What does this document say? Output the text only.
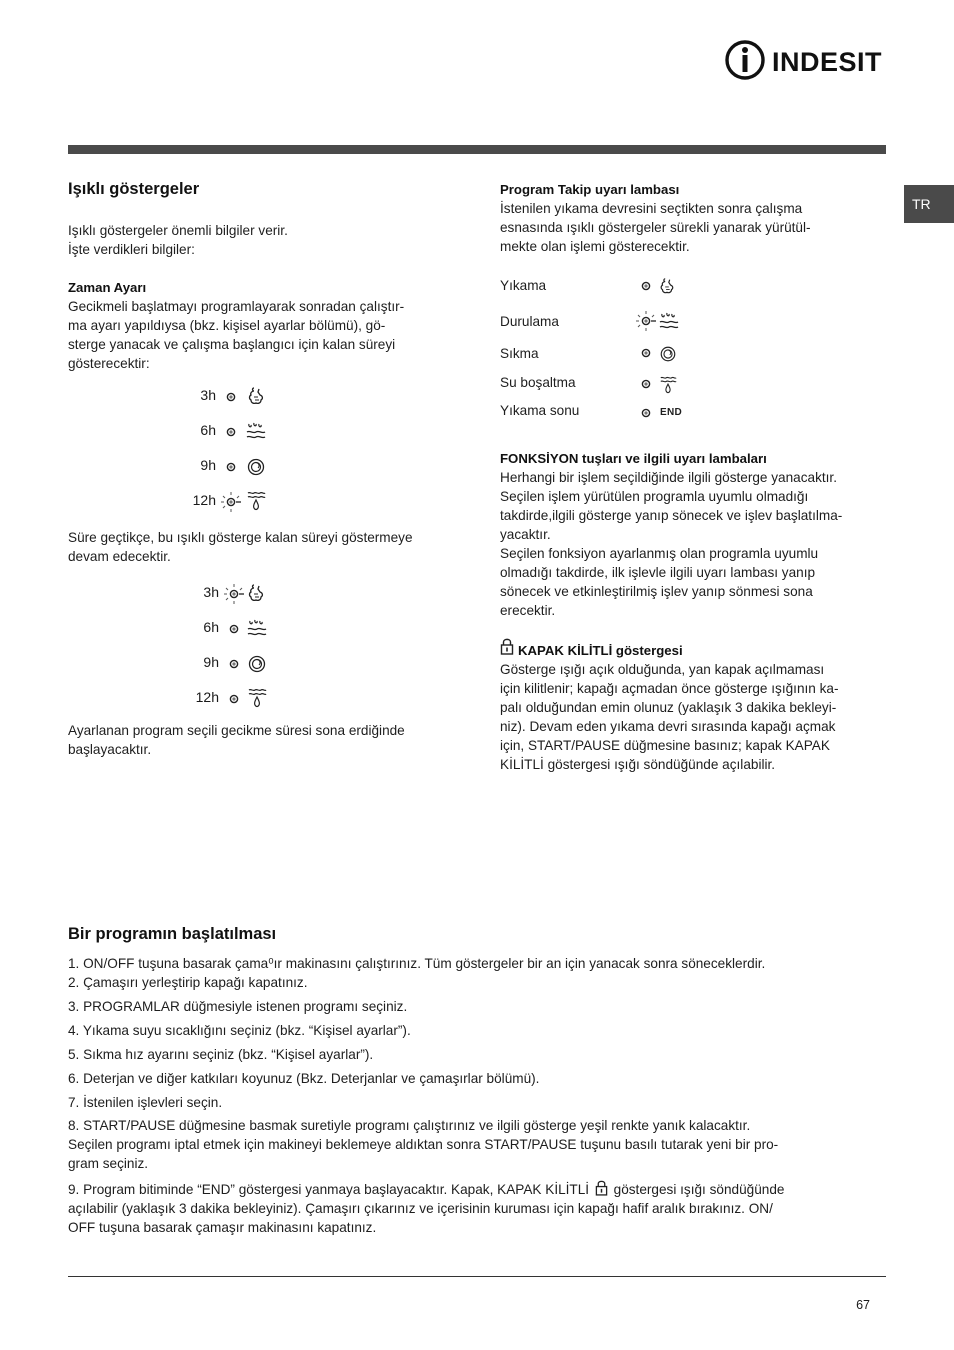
INDESIT
TR
Işıklı göstergeler
Işıklı göstergeler önemli bilgiler verir.
İşte verdikleri bilgiler:
Zaman Ayarı
Gecikmeli başlatmayı programlayarak sonradan çalıştır-
ma ayarı yapıldıysa (bkz. kişisel ayarlar bölümü), gö-
sterge yanacak ve çalışma başlangıcı için kalan süreyi
gösterecektir:
3h
6h
9h
12h
Süre geçtikçe, bu ışıklı gösterge kalan süreyi göstermeye
devam edecektir.
3h
6h
9h
12h
Ayarlanan program seçili gecikme süresi sona erdiğinde
başlayacaktır.
Program Takip uyarı lambası
İstenilen yıkama devresini seçtikten sonra çalışma
esnasında ışıklı göstergeler sürekli yanarak yürütül-
mekte olan işlemi gösterecektir.
Yıkama
Durulama
Sıkma
Su boşaltma
Yıkama sonu	END
FONKSİYON tuşları ve ilgili uyarı lambaları
Herhangi bir işlem seçildiğinde ilgili gösterge yanacaktır.
Seçilen işlem yürütülen programla uyumlu olmadığı
takdirde,ilgili gösterge yanıp sönecek ve işlev başlatılma-
yacaktır.
Seçilen fonksiyon ayarlanmış olan programla uyumlu
olmadığı takdirde, ilk işlevle ilgili uyarı lambası yanıp
sönecek ve etkinleştirilmiş işlev yanıp sönmesi sona
erecektir.
KAPAK KİLİTLİ göstergesi
Gösterge ışığı açık olduğunda, yan kapak açılmaması
için kilitlenir; kapağı açmadan önce gösterge ışığının ka-
palı olduğundan emin olunuz (yaklaşık 3 dakika bekleyi-
niz). Devam eden yıkama devri sırasında kapağı açmak
için, START/PAUSE düğmesine basınız; kapak KAPAK
KİLİTLİ göstergesi ışığı söndüğünde açılabilir.
Bir programın başlatılması
1. ON/OFF tuşuna basarak çama⁰ır makinasını çalıştırınız. Tüm göstergeler bir an için yanacak sonra söneceklerdir.
2. Çamaşırı yerleştirip kapağı kapatınız.
3. PROGRAMLAR düğmesiyle istenen programı seçiniz.
4. Yıkama suyu sıcaklığını seçiniz (bkz. “Kişisel ayarlar”).
5. Sıkma hız ayarını seçiniz (bkz. “Kişisel ayarlar”).
6. Deterjan ve diğer katkıları koyunuz (Bkz. Deterjanlar ve çamaşırlar bölümü).
7. İstenilen işlevleri seçin.
8. START/PAUSE düğmesine basmak suretiyle programı çalıştırınız ve ilgili gösterge yeşil renkte yanık kalacaktır.
Seçilen programı iptal etmek için makineyi beklemeye aldıktan sonra START/PAUSE tuşunu basılı tutarak yeni bir pro-
gram seçiniz.
9. Program bitiminde “END” göstergesi yanmaya başlayacaktır. Kapak, KAPAK KİLİTLİ göstergesi ışığı söndüğünde
açılabilir (yaklaşık 3 dakika bekleyiniz). Çamaşırı çıkarınız ve içerisinin kuruması için kapağı hafif aralık bırakınız. ON/
OFF tuşuna basarak çamaşır makinasını kapatınız.
67
